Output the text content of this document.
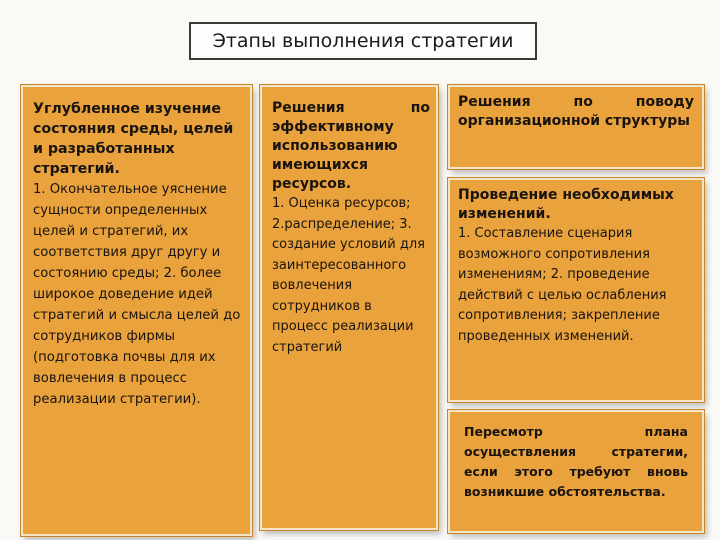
Этапы выполнения стратегии

Углубленное изучение состояния среды, целей и разработанных стратегий.

1. Окончательное уяснение сущности определенных целей и стратегий, их соответствия друг другу и состоянию среды; 2. более широкое доведение идей стратегий и смысла целей до сотрудников фирмы (подготовка почвы для их вовлечения в процесс реализации стратегии).

Решения по эффективному использованию имеющихся ресурсов.

1. Оценка ресурсов; 2.распределение; 3. создание условий для заинтересованного вовлечения сотрудников в процесс реализации стратегий

Решения по поводу организационной структуры

Проведение необходимых изменений.

1. Составление сценария возможного сопротивления изменениям; 2. проведение действий с целью ослабления сопротивления; закрепление проведенных изменений.

Пересмотр плана осуществления стратегии, если этого требуют вновь возникшие обстоятельства.
